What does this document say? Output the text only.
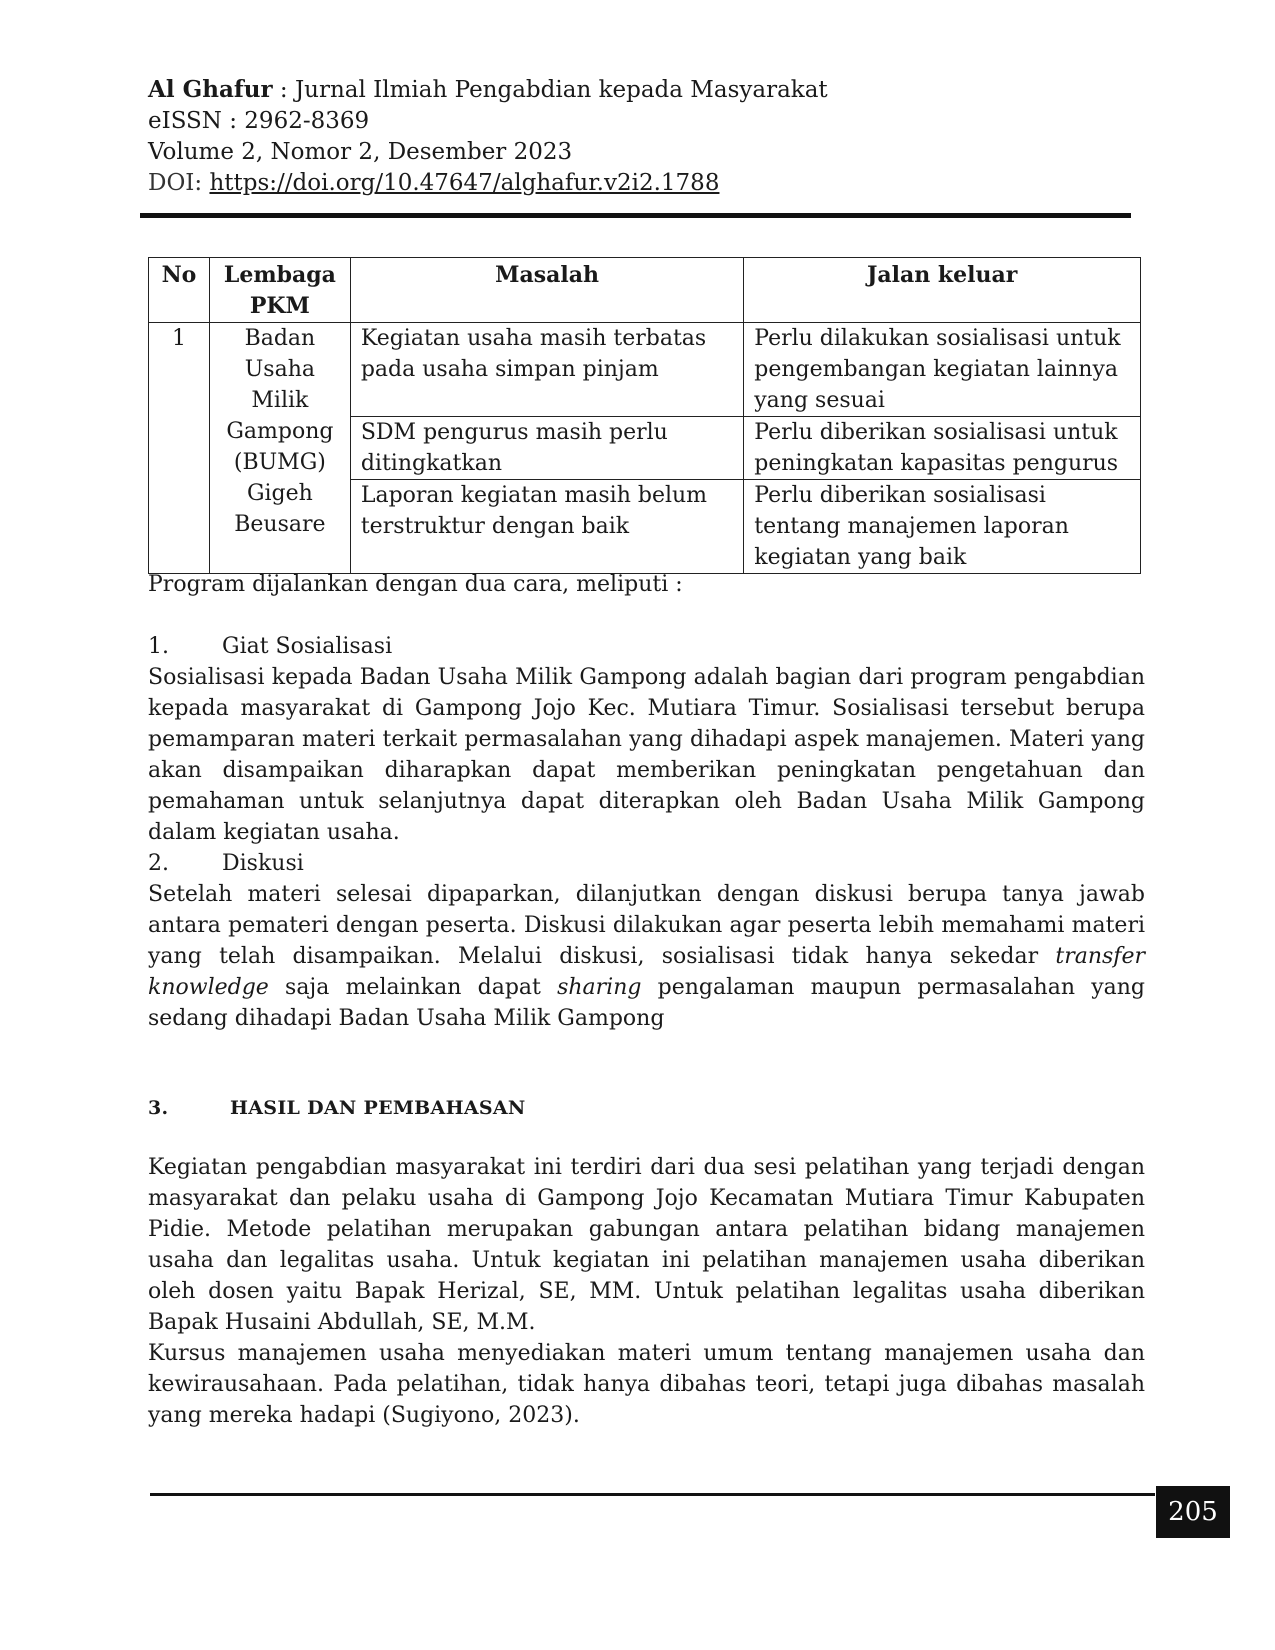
Al Ghafur : Jurnal Ilmiah Pengabdian kepada Masyarakat
eISSN : 2962-8369
Volume 2, Nomor 2, Desember 2023
DOI: https://doi.org/10.47647/alghafur.v2i2.1788
No	Lembaga PKM	Masalah	Jalan keluar
1	Badan Usaha Milik Gampong (BUMG) Gigeh Beusare	Kegiatan usaha masih terbatas pada usaha simpan pinjam	Perlu dilakukan sosialisasi untuk pengembangan kegiatan lainnya yang sesuai
		SDM pengurus masih perlu ditingkatkan	Perlu diberikan sosialisasi untuk peningkatan kapasitas pengurus
		Laporan kegiatan masih belum terstruktur dengan baik	Perlu diberikan sosialisasi tentang manajemen laporan kegiatan yang baik
Program dijalankan dengan dua cara, meliputi :
1. Giat Sosialisasi
Sosialisasi kepada Badan Usaha Milik Gampong adalah bagian dari program pengabdian kepada masyarakat di Gampong Jojo Kec. Mutiara Timur. Sosialisasi tersebut berupa pemamparan materi terkait permasalahan yang dihadapi aspek manajemen. Materi yang akan disampaikan diharapkan dapat memberikan peningkatan pengetahuan dan pemahaman untuk selanjutnya dapat diterapkan oleh Badan Usaha Milik Gampong dalam kegiatan usaha.
2. Diskusi
Setelah materi selesai dipaparkan, dilanjutkan dengan diskusi berupa tanya jawab antara pemateri dengan peserta. Diskusi dilakukan agar peserta lebih memahami materi yang telah disampaikan. Melalui diskusi, sosialisasi tidak hanya sekedar transfer knowledge saja melainkan dapat sharing pengalaman maupun permasalahan yang sedang dihadapi Badan Usaha Milik Gampong
3.	HASIL DAN PEMBAHASAN
Kegiatan pengabdian masyarakat ini terdiri dari dua sesi pelatihan yang terjadi dengan masyarakat dan pelaku usaha di Gampong Jojo Kecamatan Mutiara Timur Kabupaten Pidie. Metode pelatihan merupakan gabungan antara pelatihan bidang manajemen usaha dan legalitas usaha. Untuk kegiatan ini pelatihan manajemen usaha diberikan oleh dosen yaitu Bapak Herizal, SE, MM. Untuk pelatihan legalitas usaha diberikan Bapak Husaini Abdullah, SE, M.M.
Kursus manajemen usaha menyediakan materi umum tentang manajemen usaha dan kewirausahaan. Pada pelatihan, tidak hanya dibahas teori, tetapi juga dibahas masalah yang mereka hadapi (Sugiyono, 2023).
205
